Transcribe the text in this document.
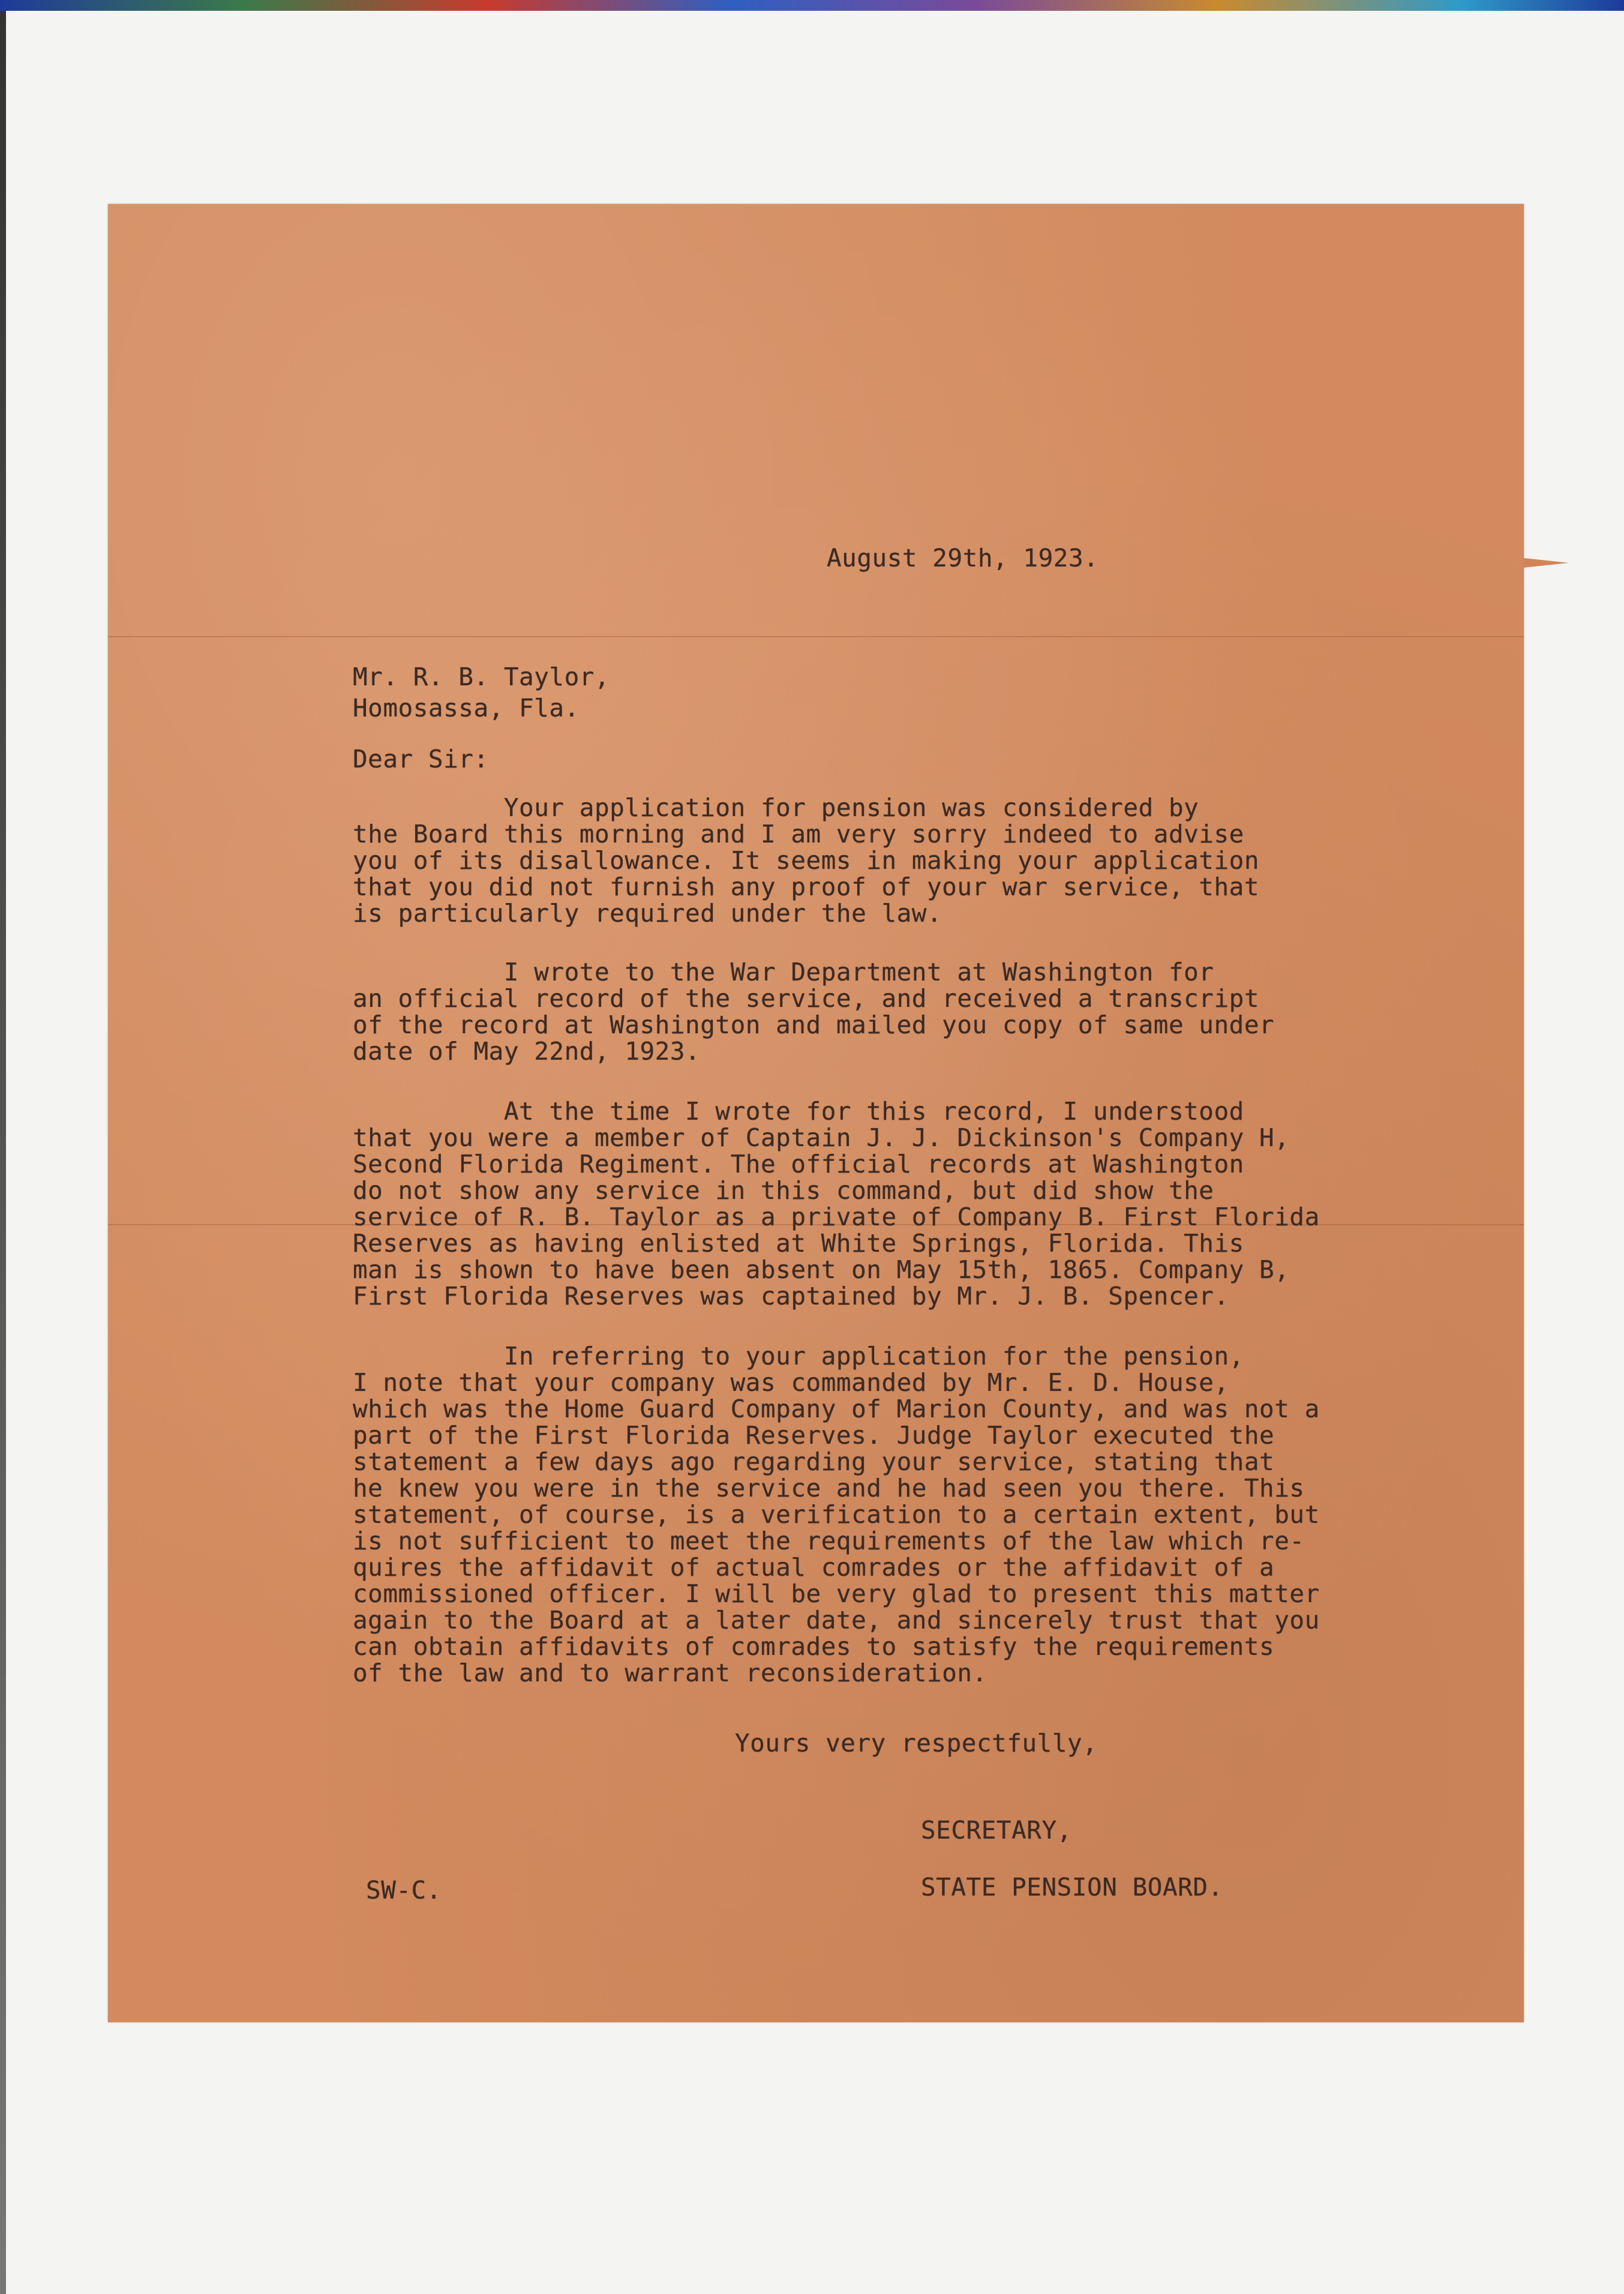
August 29th, 1923.
Mr. R. B. Taylor,
Homosassa, Fla.
Dear Sir:
Your application for pension was considered by
the Board this morning and I am very sorry indeed to advise
you of its disallowance. It seems in making your application
that you did not furnish any proof of your war service, that
is particularly required under the law.
I wrote to the War Department at Washington for
an official record of the service, and received a transcript
of the record at Washington and mailed you copy of same under
date of May 22nd, 1923.
At the time I wrote for this record, I understood
that you were a member of Captain J. J. Dickinson's Company H,
Second Florida Regiment. The official records at Washington
do not show any service in this command, but did show the
service of R. B. Taylor as a private of Company B. First Florida
Reserves as having enlisted at White Springs, Florida. This
man is shown to have been absent on May 15th, 1865. Company B,
First Florida Reserves was captained by Mr. J. B. Spencer.
In referring to your application for the pension,
I note that your company was commanded by Mr. E. D. House,
which was the Home Guard Company of Marion County, and was not a
part of the First Florida Reserves. Judge Taylor executed the
statement a few days ago regarding your service, stating that
he knew you were in the service and he had seen you there. This
statement, of course, is a verification to a certain extent, but
is not sufficient to meet the requirements of the law which re-
quires the affidavit of actual comrades or the affidavit of a
commissioned officer. I will be very glad to present this matter
again to the Board at a later date, and sincerely trust that you
can obtain affidavits of comrades to satisfy the requirements
of the law and to warrant reconsideration.
Yours very respectfully,
SECRETARY,
STATE PENSION BOARD.
SW-C.
